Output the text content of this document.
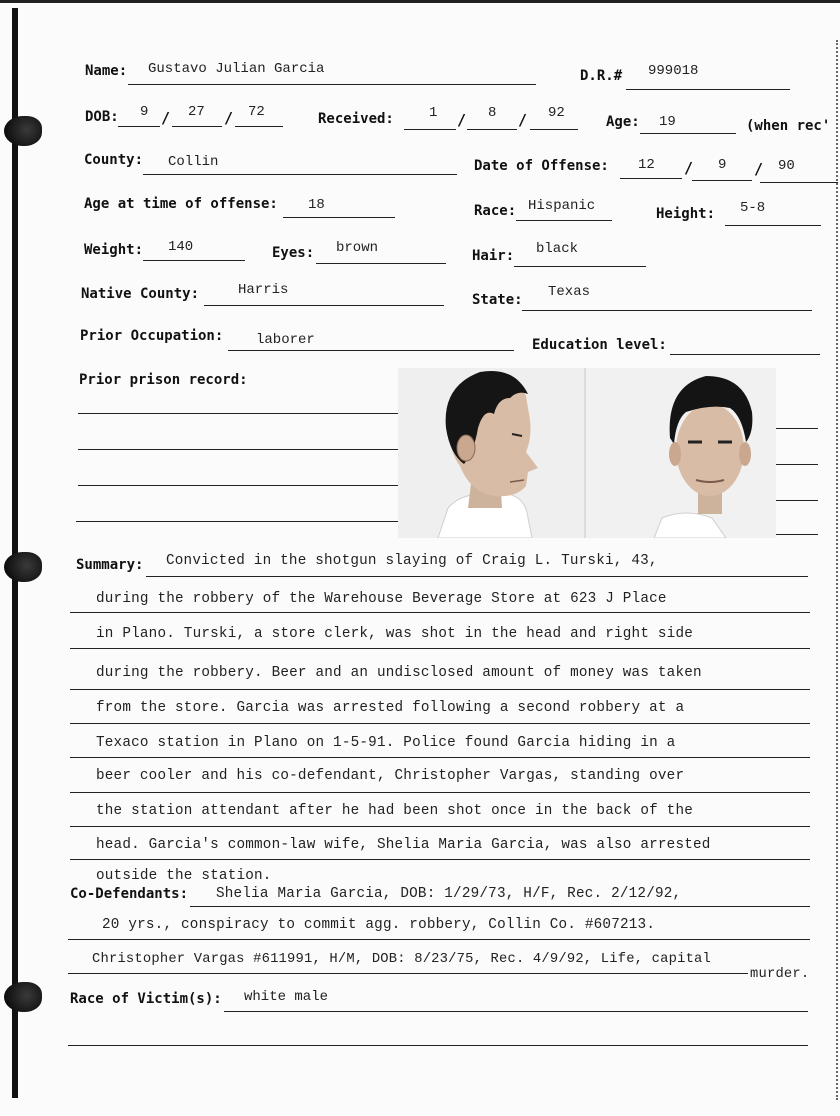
Name: Gustavo Julian Garcia	D.R.# 999018
DOB: 9 / 27 / 72	Received:	1 / 8 / 92
Age: 19	(when rec'
County: Collin	Date of Offense: 12 / 9 / 90
Age at time of offense: 18	Race: Hispanic	Height: 5-8
Weight: 140	Eyes: brown	Hair: black
Native County:	Harris
State: Texas
Prior Occupation: laborer	Education level:
Prior prison record:
Summary: Convicted in the shotgun slaying of Craig L. Turski, 43,
during the robbery of the Warehouse Beverage Store at 623 J Place
in Plano. Turski, a store clerk, was shot in the head and right side
during the robbery. Beer and an undisclosed amount of money was taken
from the store. Garcia was arrested following a second robbery at a
Texaco station in Plano on 1-5-91. Police found Garcia hiding in a
beer cooler and his co-defendant, Christopher Vargas, standing over
the station attendant after he had been shot once in the back of the
head. Garcia's common-law wife, Shelia Maria Garcia, was also arrested
outside the station.
Co-Defendants: Shelia Maria Garcia, DOB: 1/29/73, H/F, Rec. 2/12/92,
20 yrs., conspiracy to commit agg. robbery, Collin Co. #607213.
Christopher Vargas #611991, H/M, DOB: 8/23/75, Rec. 4/9/92, Life, capital
murder.
Race of Victim(s): white male
